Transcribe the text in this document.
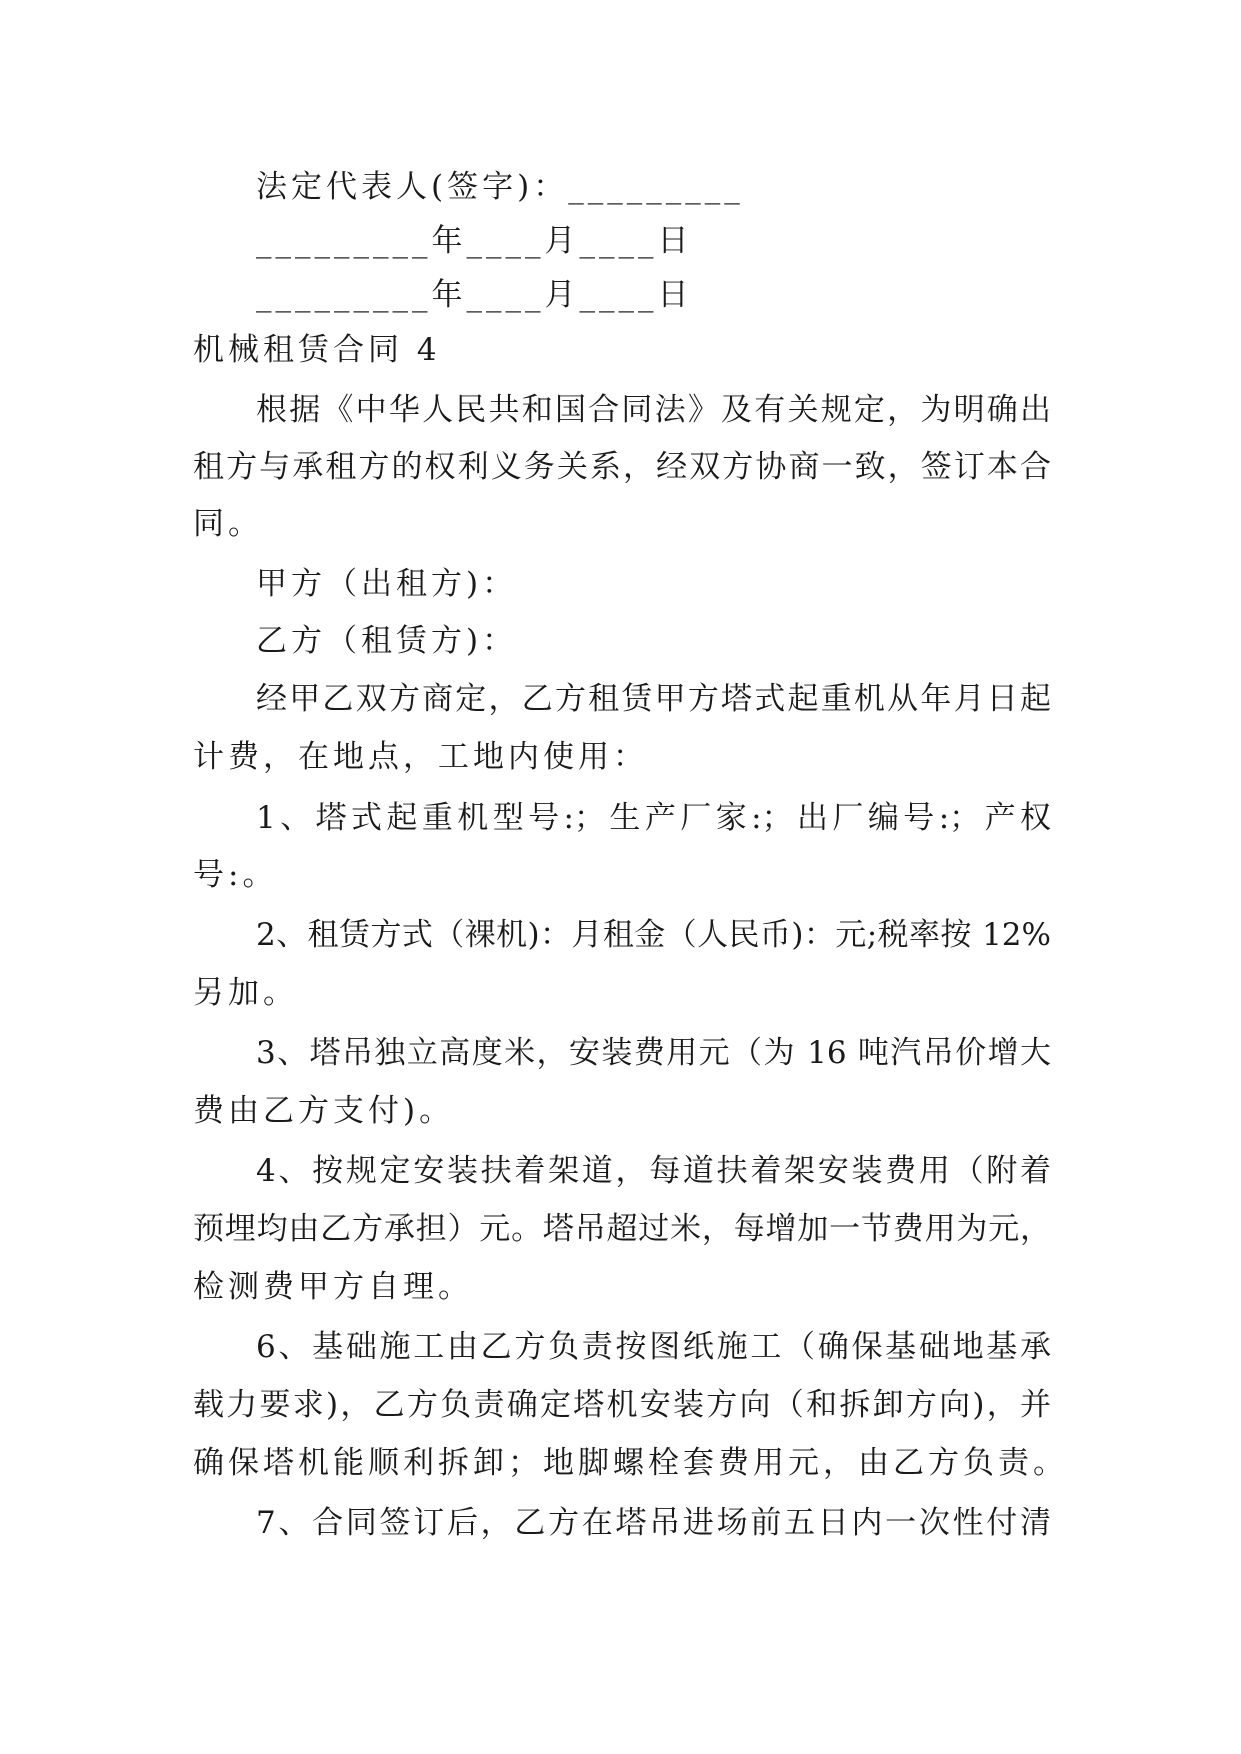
法定代表人(签字)：_________
_________年____月____日
_________年____月____日
机械租赁合同 4
根据《中华人民共和国合同法》及有关规定，为明确出
租方与承租方的权利义务关系，经双方协商一致，签订本合
同。
甲方（出租方)：
乙方（租赁方)：
经甲乙双方商定，乙方租赁甲方塔式起重机从年月日起
计费，在地点，工地内使用：
1、塔式起重机型号:；生产厂家:；出厂编号:；产权
号:。
2、租赁方式（裸机)：月租金（人民币)：元;税率按 12%
另加。
3、塔吊独立高度米，安装费用元（为 16 吨汽吊价增大
费由乙方支付)。
4、按规定安装扶着架道，每道扶着架安装费用（附着
预埋均由乙方承担）元。塔吊超过米，每增加一节费用为元，
检测费甲方自理。
6、基础施工由乙方负责按图纸施工（确保基础地基承
载力要求)，乙方负责确定塔机安装方向（和拆卸方向)，并
确保塔机能顺利拆卸；地脚螺栓套费用元，由乙方负责。
7、合同签订后，乙方在塔吊进场前五日内一次性付清
